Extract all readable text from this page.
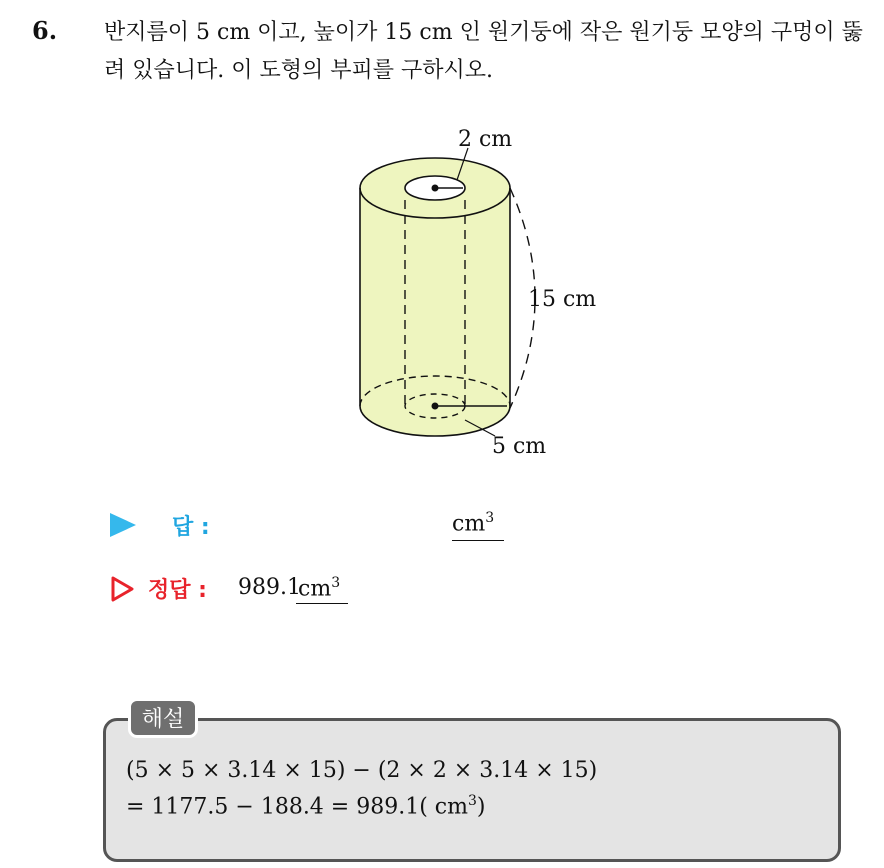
6. 반지름이 5 cm 이고, 높이가 15 cm 인 원기둥에 작은 원기둥 모양의 구멍이 뚫려 있습니다. 이 도형의 부피를 구하시오.
2 cm
15 cm
5 cm
답 :	$cm^3$
정답 : 989.1
$cm^3$
해설
(5 × 5 × 3.14 × 15) − (2 × 2 × 3.14 × 15)
= 1177.5 − 188.4 = 989.1( $cm^3$)
